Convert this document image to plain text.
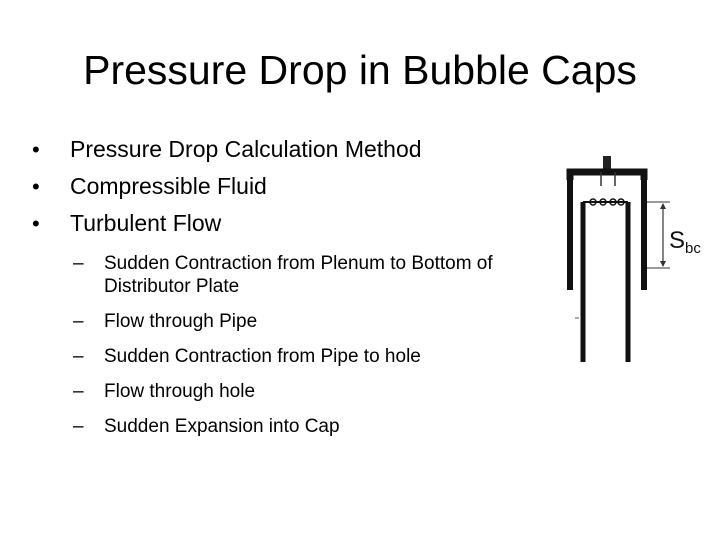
Pressure Drop in Bubble Caps
• Pressure Drop Calculation Method
• Compressible Fluid
• Turbulent Flow
– Sudden Contraction from Plenum to Bottom of Distributor Plate
– Flow through Pipe
– Sudden Contraction from Pipe to hole
– Flow through hole
– Sudden Expansion into Cap
$S_{bc}$
